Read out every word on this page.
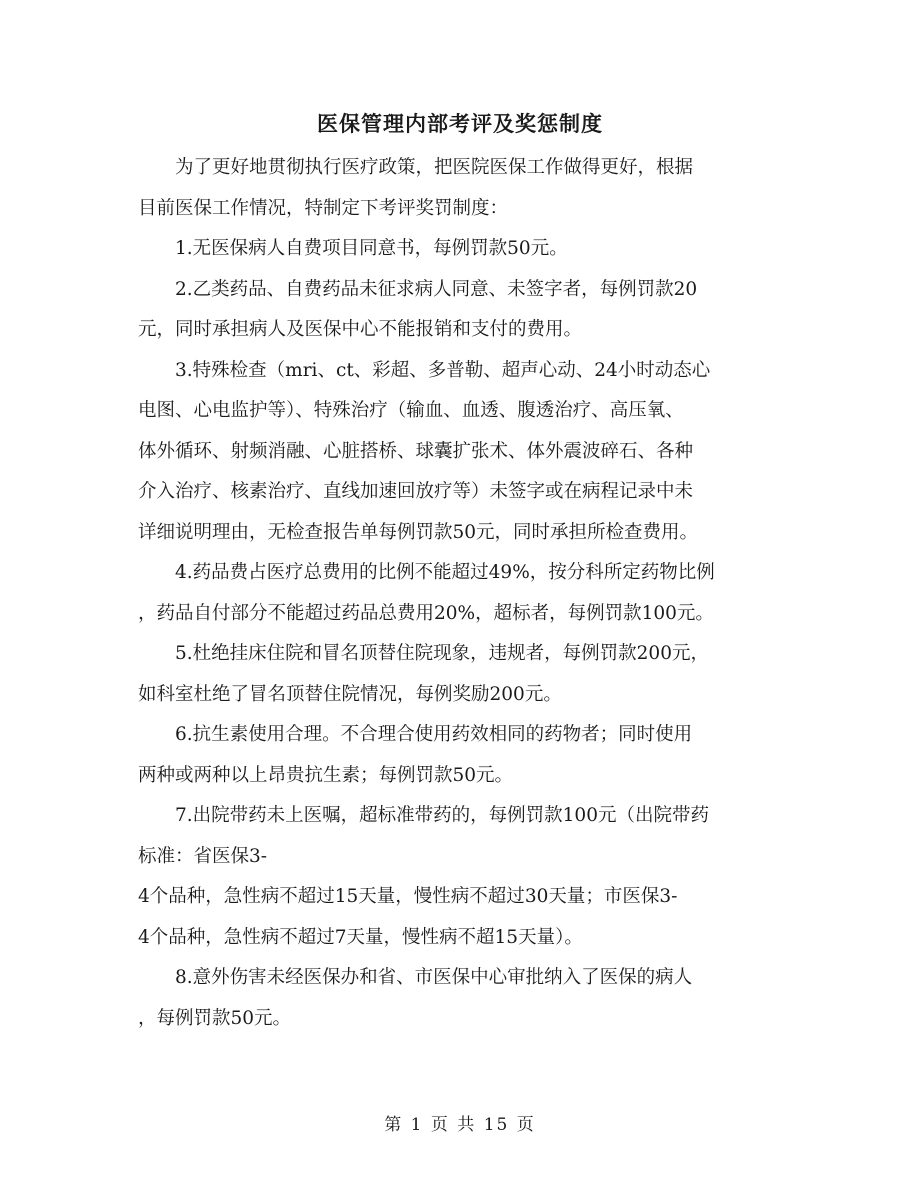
医保管理内部考评及奖惩制度
为了更好地贯彻执行医疗政策，把医院医保工作做得更好，根据
目前医保工作情况，特制定下考评奖罚制度：
1.无医保病人自费项目同意书，每例罚款50元。
2.乙类药品、自费药品未征求病人同意、未签字者，每例罚款20
元，同时承担病人及医保中心不能报销和支付的费用。
3.特殊检查（mri、ct、彩超、多普勒、超声心动、24小时动态心
电图、心电监护等）、特殊治疗（输血、血透、腹透治疗、高压氧、
体外循环、射频消融、心脏搭桥、球囊扩张术、体外震波碎石、各种
介入治疗、核素治疗、直线加速回放疗等）未签字或在病程记录中未
详细说明理由，无检查报告单每例罚款50元，同时承担所检查费用。
4.药品费占医疗总费用的比例不能超过49%，按分科所定药物比例
，药品自付部分不能超过药品总费用20%，超标者，每例罚款100元。
5.杜绝挂床住院和冒名顶替住院现象，违规者，每例罚款200元，
如科室杜绝了冒名顶替住院情况，每例奖励200元。
6.抗生素使用合理。不合理合使用药效相同的药物者；同时使用
两种或两种以上昂贵抗生素；每例罚款50元。
7.出院带药未上医嘱，超标准带药的，每例罚款100元（出院带药
标准：省医保3-
4个品种，急性病不超过15天量，慢性病不超过30天量；市医保3-
4个品种，急性病不超过7天量，慢性病不超15天量）。
8.意外伤害未经医保办和省、市医保中心审批纳入了医保的病人
，每例罚款50元。
第 1 页 共 15 页
